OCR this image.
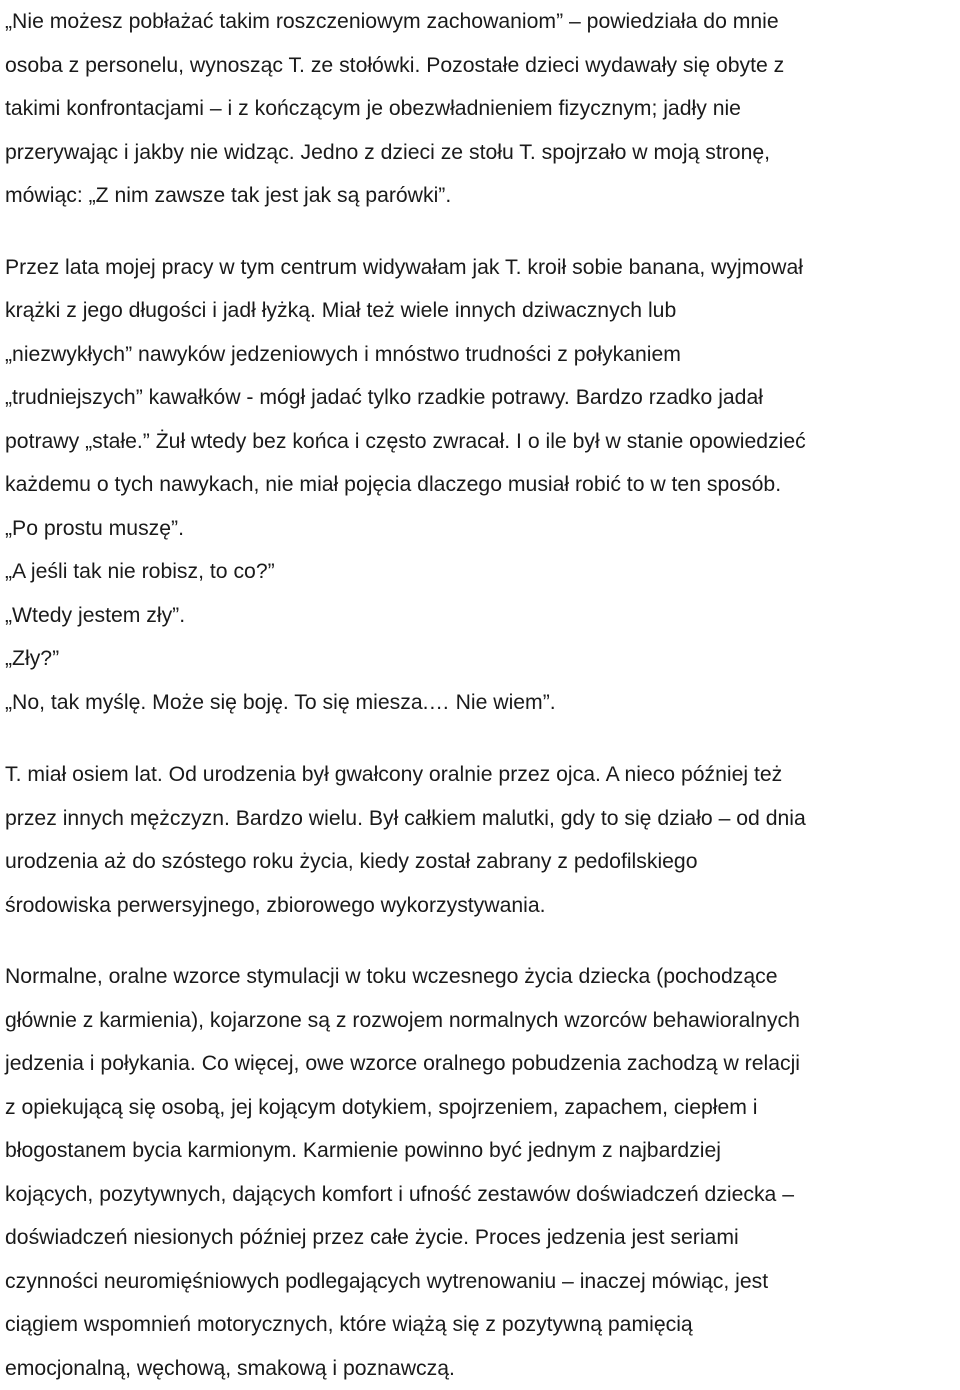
„Nie możesz pobłażać takim roszczeniowym zachowaniom” – powiedziała do mnie
osoba z personelu, wynosząc T. ze stołówki. Pozostałe dzieci wydawały się obyte z
takimi konfrontacjami – i z kończącym je obezwładnieniem fizycznym; jadły nie
przerywając i jakby nie widząc. Jedno z dzieci ze stołu T. spojrzało w moją stronę,
mówiąc: „Z nim zawsze tak jest jak są parówki”.
Przez lata mojej pracy w tym centrum widywałam jak T. kroił sobie banana, wyjmował
krążki z jego długości i jadł łyżką. Miał też wiele innych dziwacznych lub
„niezwykłych” nawyków jedzeniowych i mnóstwo trudności z połykaniem
„trudniejszych” kawałków - mógł jadać tylko rzadkie potrawy. Bardzo rzadko jadał
potrawy „stałe.” Żuł wtedy bez końca i często zwracał. I o ile był w stanie opowiedzieć
każdemu o tych nawykach, nie miał pojęcia dlaczego musiał robić to w ten sposób.
„Po prostu muszę”.
„A jeśli tak nie robisz, to co?”
„Wtedy jestem zły”.
„Zły?”
„No, tak myślę. Może się boję. To się miesza.… Nie wiem”.
T. miał osiem lat. Od urodzenia był gwałcony oralnie przez ojca. A nieco później też
przez innych mężczyzn. Bardzo wielu. Był całkiem malutki, gdy to się działo – od dnia
urodzenia aż do szóstego roku życia, kiedy został zabrany z pedofilskiego
środowiska perwersyjnego, zbiorowego wykorzystywania.
Normalne, oralne wzorce stymulacji w toku wczesnego życia dziecka (pochodzące
głównie z karmienia), kojarzone są z rozwojem normalnych wzorców behawioralnych
jedzenia i połykania. Co więcej, owe wzorce oralnego pobudzenia zachodzą w relacji
z opiekującą się osobą, jej kojącym dotykiem, spojrzeniem, zapachem, ciepłem i
błogostanem bycia karmionym. Karmienie powinno być jednym z najbardziej
kojących, pozytywnych, dających komfort i ufność zestawów doświadczeń dziecka –
doświadczeń niesionych później przez całe życie. Proces jedzenia jest seriami
czynności neuromięśniowych podlegających wytrenowaniu – inaczej mówiąc, jest
ciągiem wspomnień motorycznych, które wiążą się z pozytywną pamięcią
emocjonalną, węchową, smakową i poznawczą.
